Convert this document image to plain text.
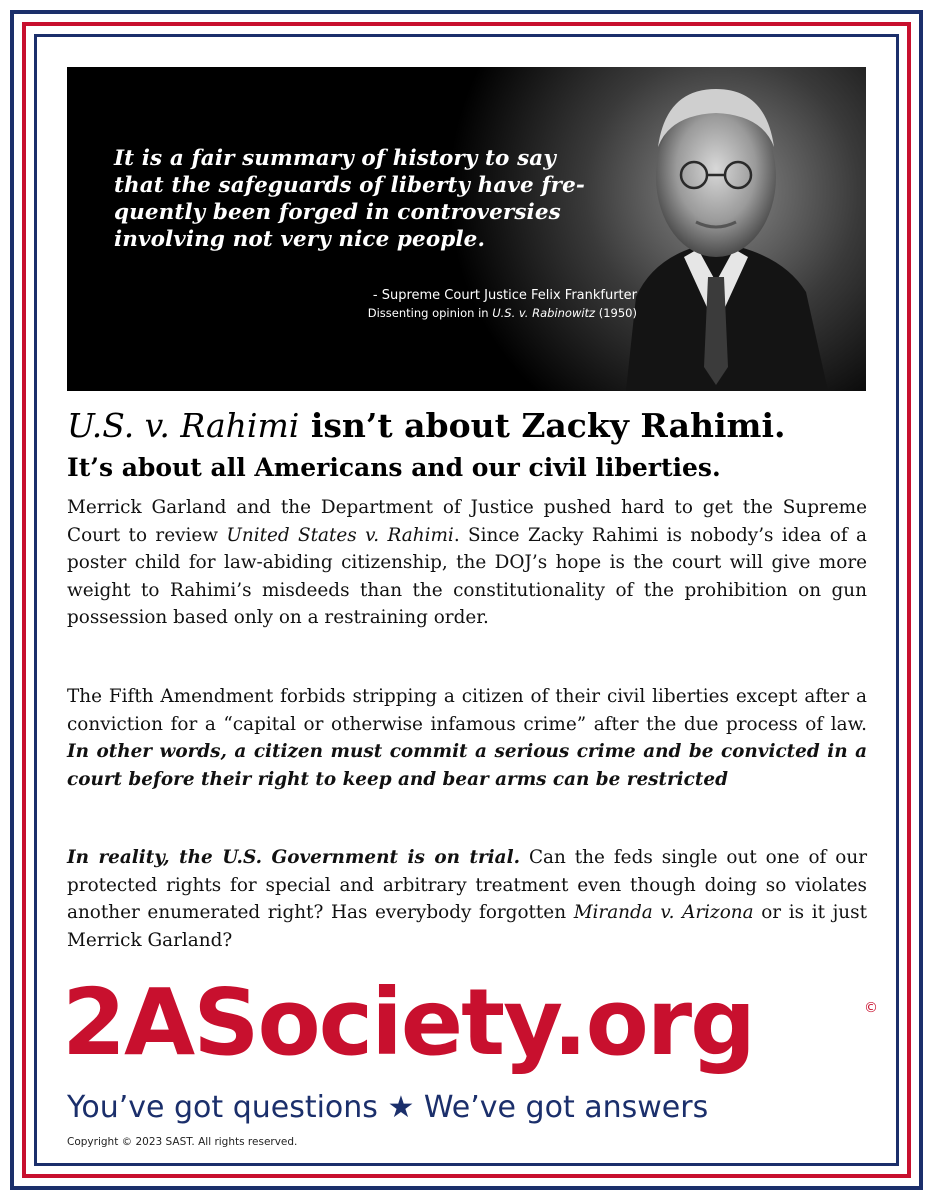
It is a fair summary of history to say
that the safeguards of liberty have fre-
quently been forged in controversies
involving not very nice people.
- Supreme Court Justice Felix Frankfurter
Dissenting opinion in U.S. v. Rabinowitz (1950)
U.S. v. Rahimi isn’t about Zacky Rahimi.
It’s about all Americans and our civil liberties.
Merrick Garland and the Department of Justice pushed hard to get the Supreme Court to review United States v. Rahimi. Since Zacky Rahimi is nobody’s idea of a poster child for law-abiding citizenship, the DOJ’s hope is the court will give more weight to Rahimi’s misdeeds than the constitutionality of the prohibition on gun possession based only on a restraining order.
The Fifth Amendment forbids stripping a citizen of their civil liberties except after a conviction for a “capital or otherwise infamous crime” after the due process of law. In other words, a citizen must commit a serious crime and be convicted in a court before their right to keep and bear arms can be restricted
In reality, the U.S. Government is on trial. Can the feds single out one of our protected rights for special and arbitrary treatment even though doing so violates another enumerated right? Has everybody forgotten Miranda v. Arizona or is it just Merrick Garland?
2ASociety.org	©
You’ve got questions ★ We’ve got answers
Copyright © 2023 SAST. All rights reserved.
